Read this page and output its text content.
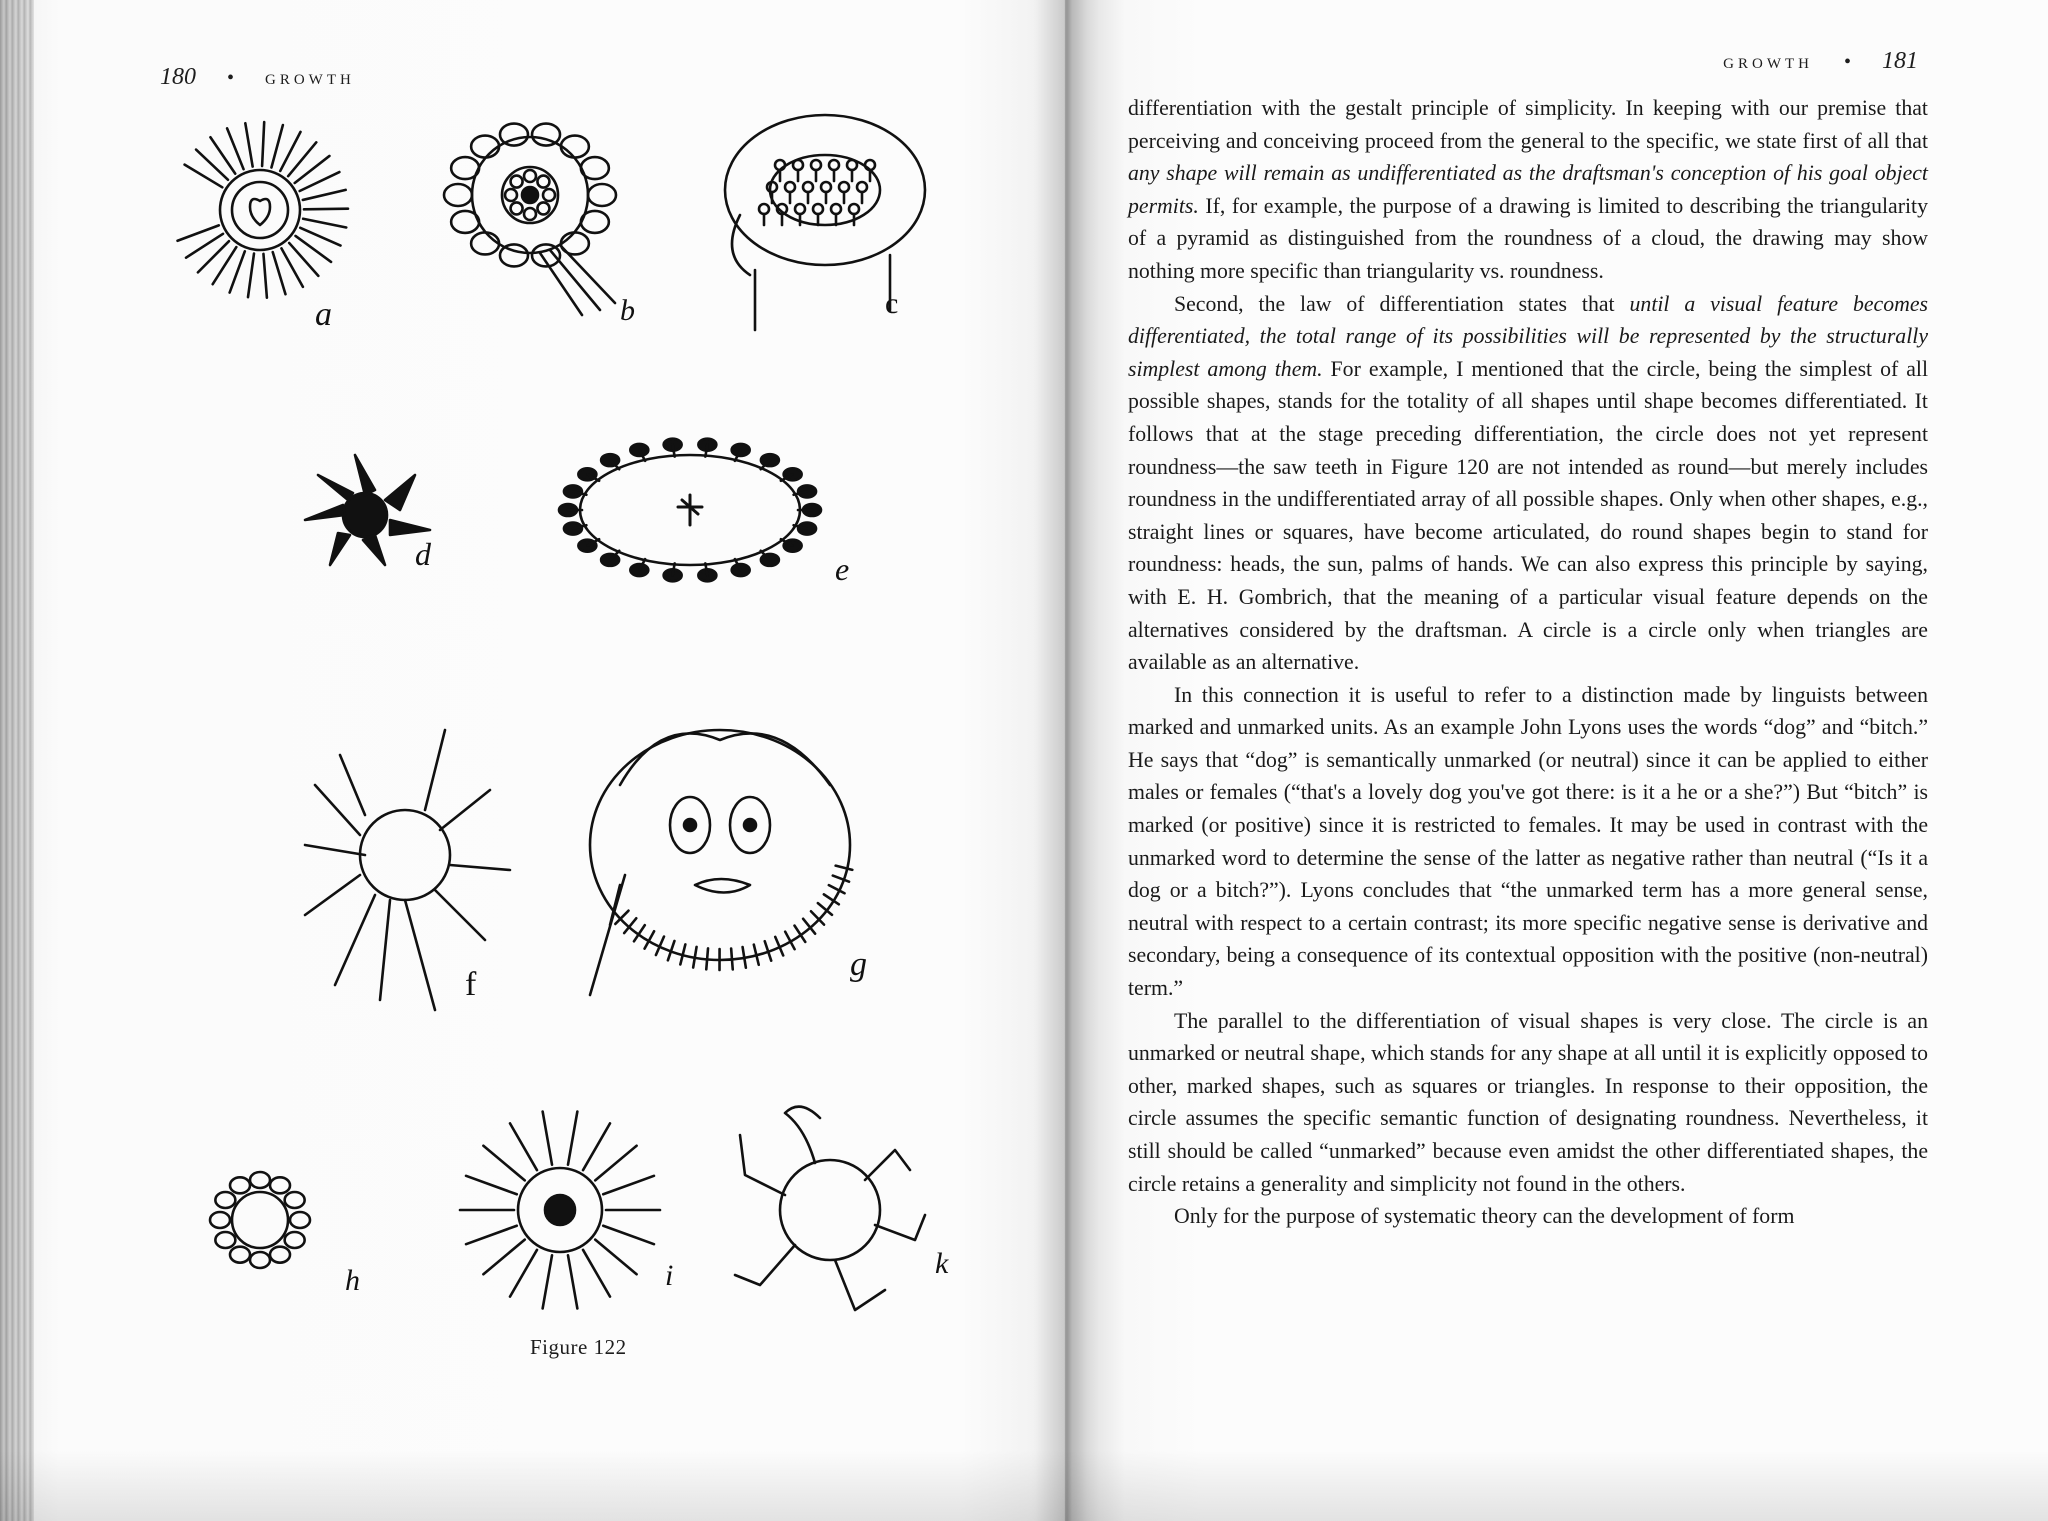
180 • GROWTH
a	b	c
d	e
f
g
h	i	k
Figure 122
GROWTH • 181

differentiation with the gestalt principle of simplicity. In keeping with our premise that perceiving and conceiving proceed from the general to the specific, we state first of all that any shape will remain as undifferentiated as the draftsman's conception of his goal object permits. If, for example, the purpose of a drawing is limited to describing the triangularity of a pyramid as distinguished from the roundness of a cloud, the drawing may show nothing more specific than triangularity vs. roundness.

Second, the law of differentiation states that until a visual feature becomes differentiated, the total range of its possibilities will be represented by the structurally simplest among them. For example, I mentioned that the circle, being the simplest of all possible shapes, stands for the totality of all shapes until shape becomes differentiated. It follows that at the stage preceding differentiation, the circle does not yet represent roundness—the saw teeth in Figure 120 are not intended as round—but merely includes roundness in the undifferentiated array of all possible shapes. Only when other shapes, e.g., straight lines or squares, have become articulated, do round shapes begin to stand for roundness: heads, the sun, palms of hands. We can also express this principle by saying, with E. H. Gombrich, that the meaning of a particular visual feature depends on the alternatives considered by the draftsman. A circle is a circle only when triangles are available as an alternative.

In this connection it is useful to refer to a distinction made by linguists between marked and unmarked units. As an example John Lyons uses the words “dog” and “bitch.” He says that “dog” is semantically unmarked (or neutral) since it can be applied to either males or females (“that's a lovely dog you've got there: is it a he or a she?”) But “bitch” is marked (or positive) since it is restricted to females. It may be used in contrast with the unmarked word to determine the sense of the latter as negative rather than neutral (“Is it a dog or a bitch?”). Lyons concludes that “the unmarked term has a more general sense, neutral with respect to a certain contrast; its more specific negative sense is derivative and secondary, being a consequence of its contextual opposition with the positive (non-neutral) term.”

The parallel to the differentiation of visual shapes is very close. The circle is an unmarked or neutral shape, which stands for any shape at all until it is explicitly opposed to other, marked shapes, such as squares or triangles. In response to their opposition, the circle assumes the specific semantic function of designating roundness. Nevertheless, it still should be called “unmarked” because even amidst the other differentiated shapes, the circle retains a generality and simplicity not found in the others.

Only for the purpose of systematic theory can the development of form
